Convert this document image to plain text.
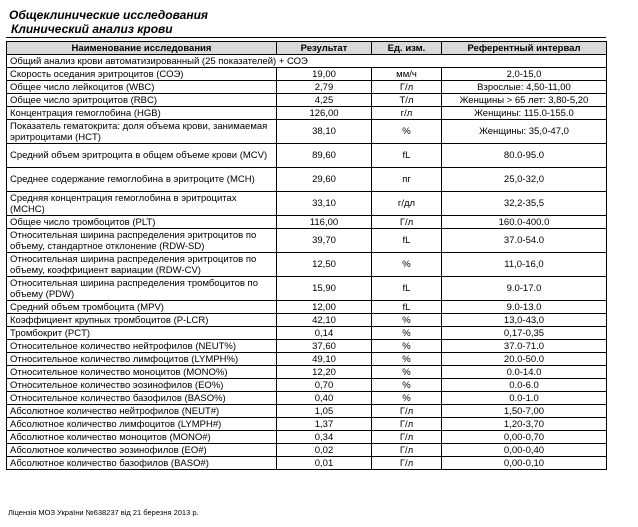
Общеклинические исследования
Клинический анализ крови
Наименование исследования	Результат	Ед. изм.	Референтный интервал
Общий анализ крови автоматизированный (25 показателей) + СОЭ			
Скорость оседания эритроцитов (СОЭ)	19,00	мм/ч	2,0-15,0
Общее число лейкоцитов (WBC)	2,79	Г/л	Взрослые: 4,50-11,00
Общее число эритроцитов (RBC)	4,25	Т/л	Женщины > 65 лет: 3,80-5,20
Концентрация гемоглобина (HGB)	126,00	г/л	Женщины: 115.0-155.0
Показатель гематокрита: доля объема крови, занимаемая эритроцитами (HCT)	38,10	%	Женщины: 35,0-47,0
Средний объем эритроцита в общем объеме крови (MCV)	89,60	fL	80.0-95.0
Среднее содержание гемоглобина в эритроците (MCH)	29,60	пг	25,0-32,0
Средняя концентрация гемоглобина в эритроцитах (MCHC)	33,10	г/дл	32,2-35,5
Общее число тромбоцитов (PLT)	116,00	Г/л	160.0-400.0
Относительная ширина распределения эритроцитов по объему, стандартное отклонение (RDW-SD)	39,70	fL	37.0-54.0
Относительная ширина распределения эритроцитов по объему, коэффициент вариации (RDW-CV)	12,50	%	11,0-16,0
Относительная ширина распределения тромбоцитов по объему (PDW)	15,90	fL	9.0-17.0
Средний объем тромбоцита (MPV)	12,00	fL	9.0-13.0
Коэффициент крупных тромбоцитов (P-LCR)	42,10	%	13,0-43,0
Тромбокрит (PCT)	0,14	%	0,17-0,35
Относительное количество нейтрофилов (NEUT%)	37,60	%	37.0-71.0
Относительное количество лимфоцитов (LYMPH%)	49,10	%	20.0-50.0
Относительное количество моноцитов (MONO%)	12,20	%	0.0-14.0
Относительное количество эозинофилов (EO%)	0,70	%	0.0-6.0
Относительное количество базофилов (BASO%)	0,40	%	0.0-1.0
Абсолютное количество нейтрофилов (NEUT#)	1,05	Г/л	1,50-7,00
Абсолютное количество лимфоцитов (LYMPH#)	1,37	Г/л	1,20-3,70
Абсолютное количество моноцитов (MONO#)	0,34	Г/л	0,00-0,70
Абсолютное количество эозинофилов (EO#)	0,02	Г/л	0,00-0,40
Абсолютное количество базофилов (BASO#)	0,01	Г/л	0,00-0,10
Ліцензія МОЗ України №638237 від 21 березня 2013 р.
